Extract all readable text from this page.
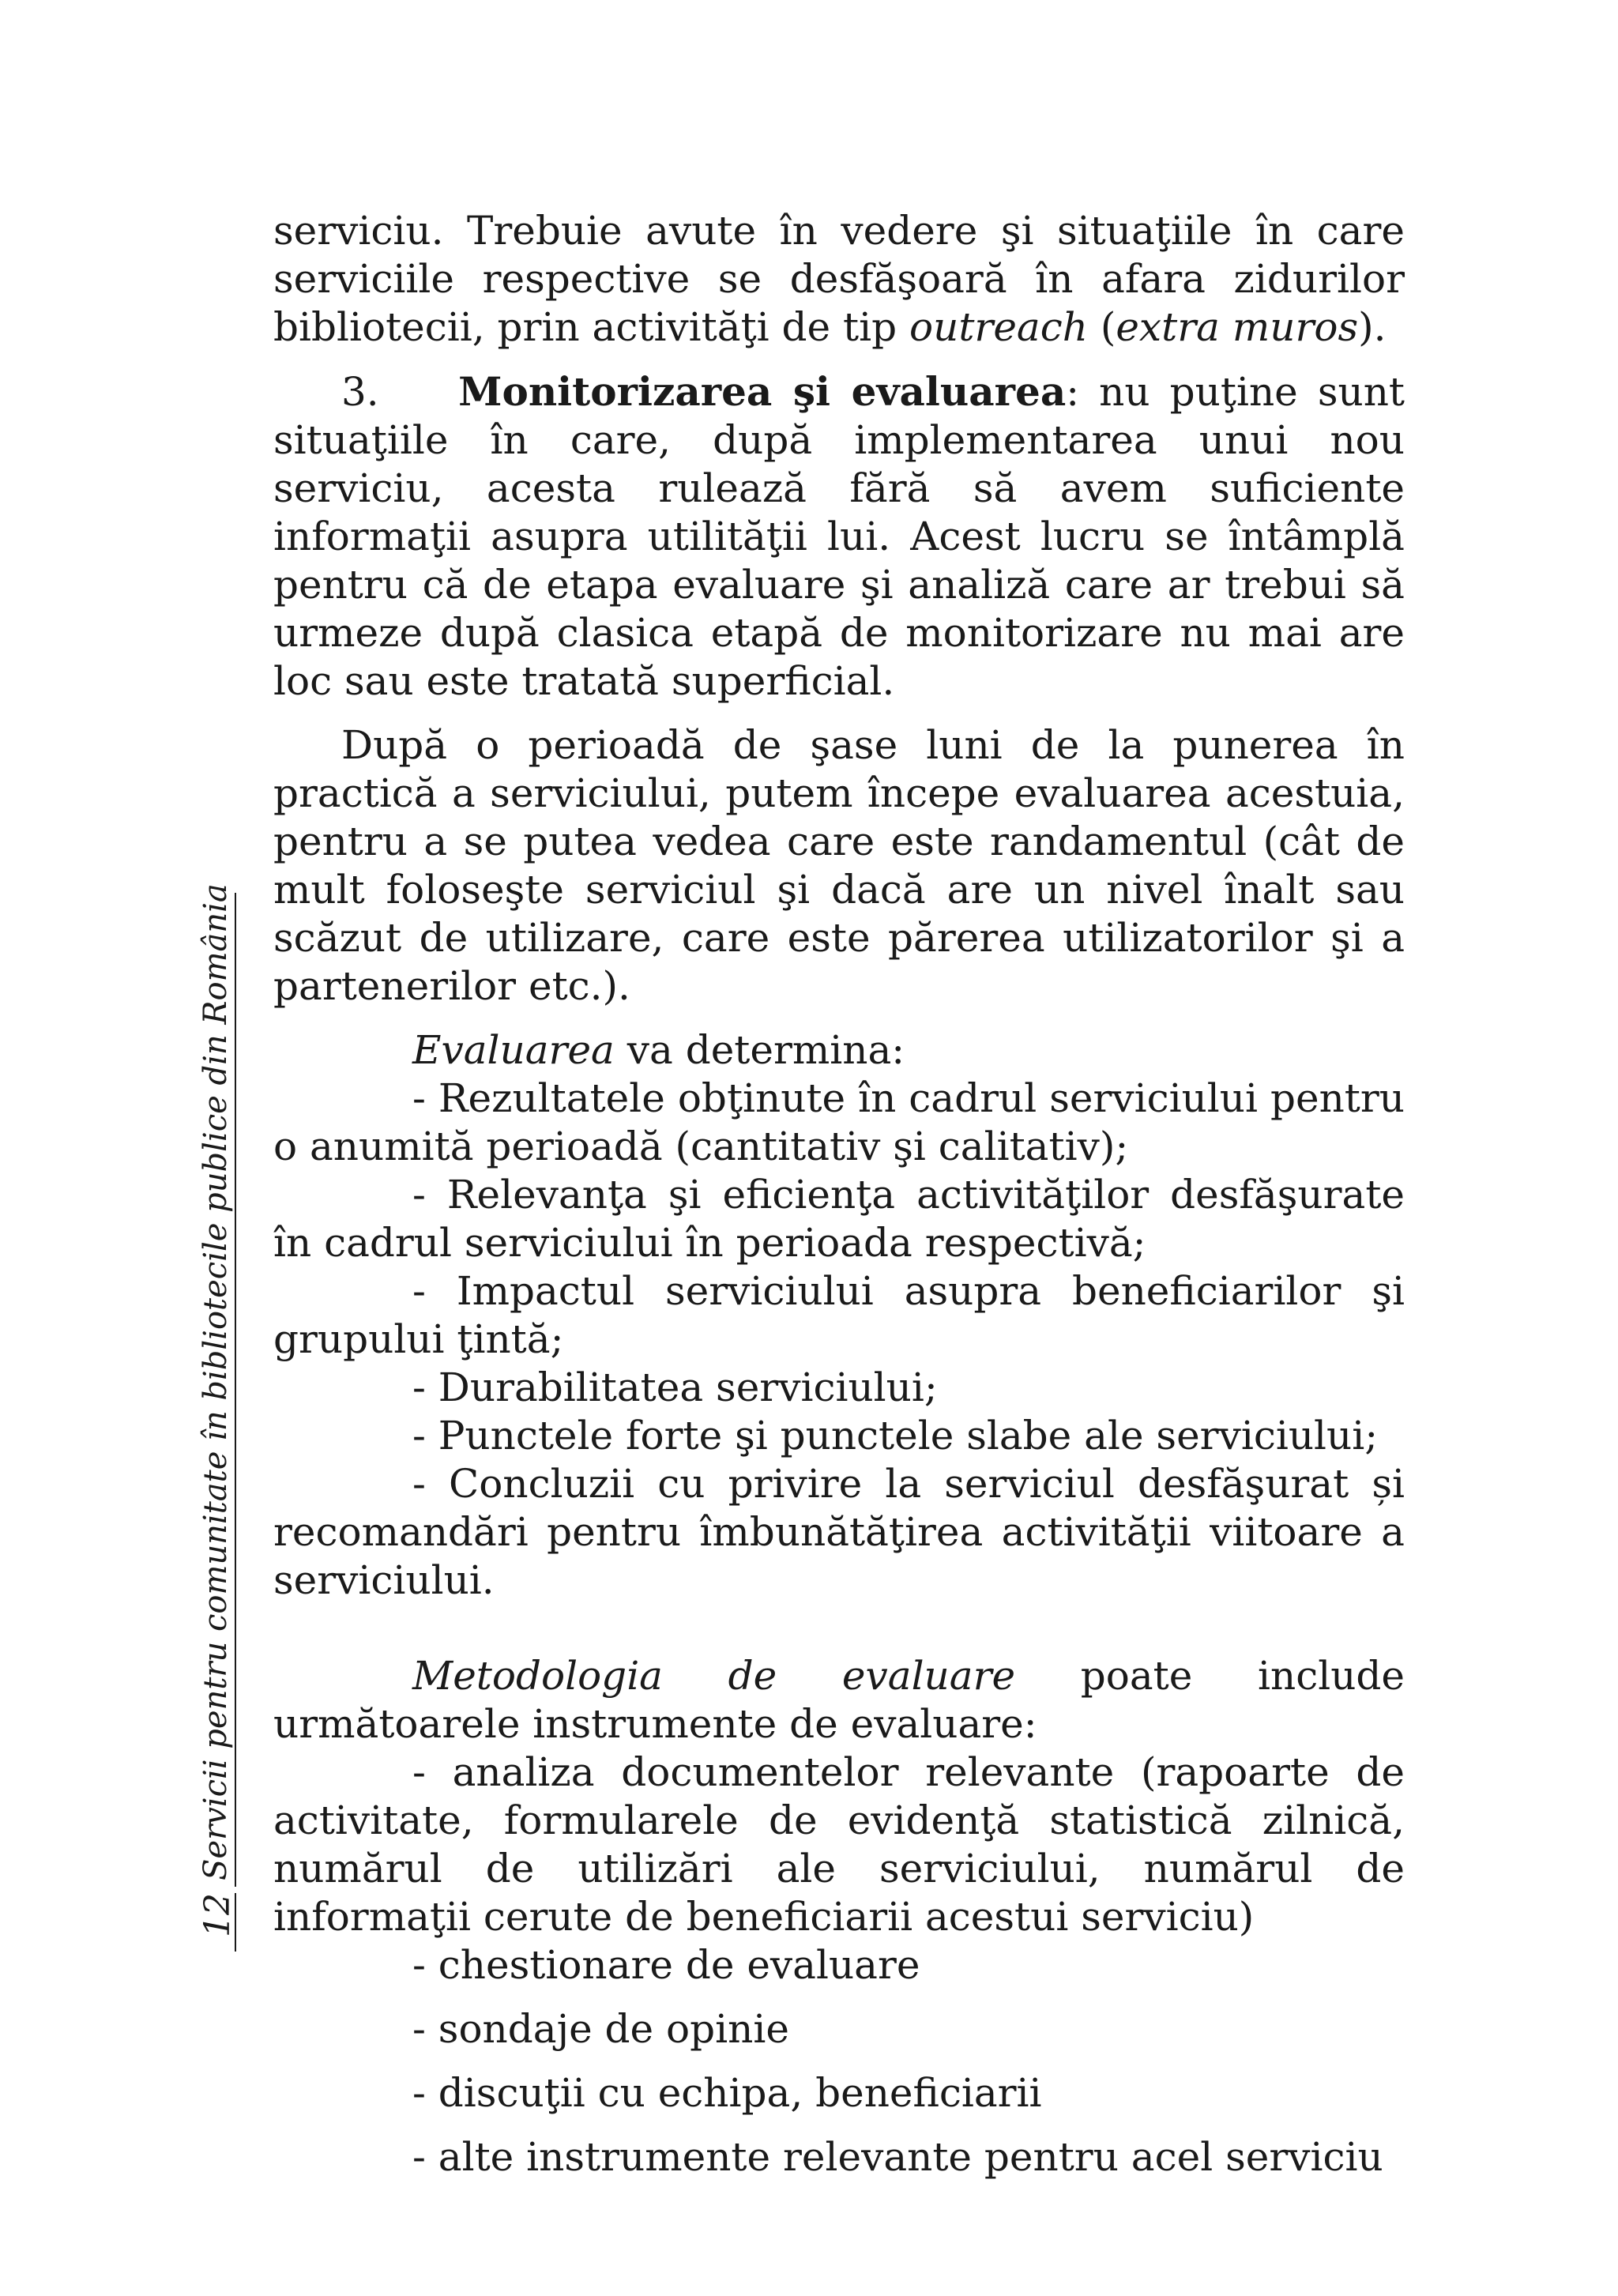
Servicii pentru comunitate în bibliotecile publice din România
12

serviciu. Trebuie avute în vedere şi situaţiile în care serviciile respective se desfăşoară în afara zidurilor bibliotecii, prin activităţi de tip outreach (extra muros).

3. Monitorizarea şi evaluarea: nu puţine sunt situaţiile în care, după implementarea unui nou serviciu, acesta rulează fără să avem suficiente informaţii asupra utilităţii lui. Acest lucru se întâmplă pentru că de etapa evaluare şi analiză care ar trebui să urmeze după clasica etapă de monitorizare nu mai are loc sau este tratată superficial.

După o perioadă de şase luni de la punerea în practică a serviciului, putem începe evaluarea acestuia, pentru a se putea vedea care este randamentul (cât de mult foloseşte serviciul şi dacă are un nivel înalt sau scăzut de utilizare, care este părerea utilizatorilor şi a partenerilor etc.).

Evaluarea va determina:

- Rezultatele obţinute în cadrul serviciului pentru o anumită perioadă (cantitativ şi calitativ);

- Relevanţa şi eficienţa activităţilor desfăşurate în cadrul serviciului în perioada respectivă;

- Impactul serviciului asupra beneficiarilor şi grupului ţintă;

- Durabilitatea serviciului;

- Punctele forte şi punctele slabe ale serviciului;

- Concluzii cu privire la serviciul desfăşurat și recomandări pentru îmbunătăţirea activităţii viitoare a serviciului.

Metodologia de evaluare poate include următoarele instrumente de evaluare:

- analiza documentelor relevante (rapoarte de activitate, formularele de evidenţă statistică zilnică, numărul de utilizări ale serviciului, numărul de informaţii cerute de beneficiarii acestui serviciu)

- chestionare de evaluare

- sondaje de opinie

- discuţii cu echipa, beneficiarii

- alte instrumente relevante pentru acel serviciu
